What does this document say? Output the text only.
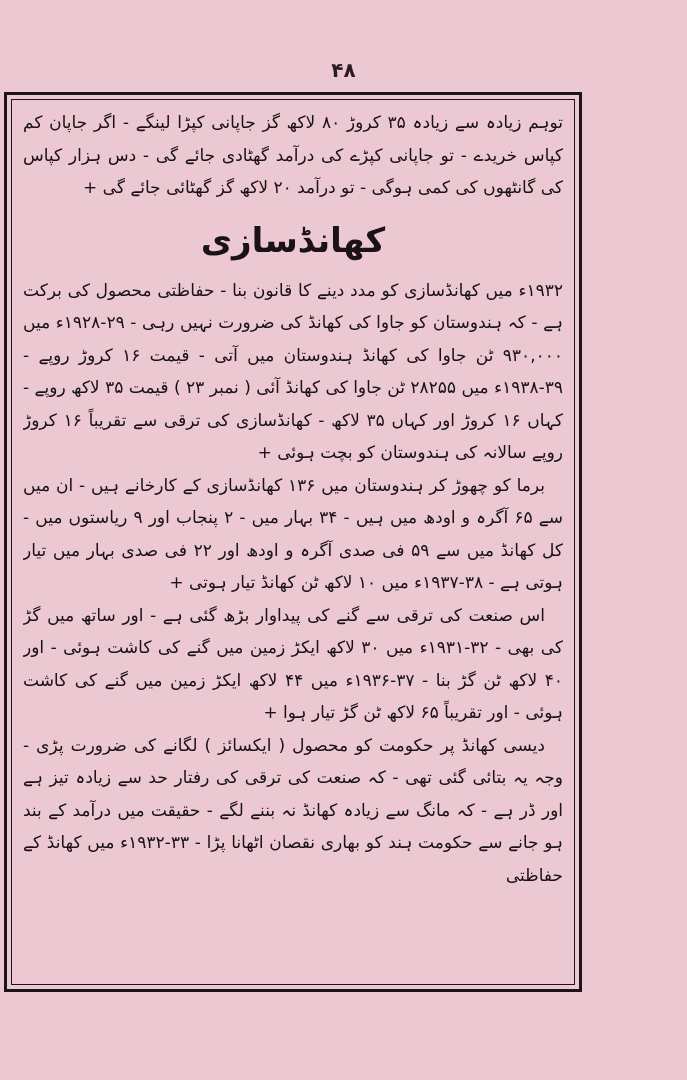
۴۸

توہم زیادہ سے زیادہ ۳۵ کروڑ ۸۰ لاکھ گز جاپانی کپڑا لینگے - اگر جاپان کم کپاس خریدے - تو جاپانی کپڑے کی درآمد گھٹادی جائے گی - دس ہزار کپاس کی گانٹھوں کی کمی ہوگی - تو درآمد ۲۰ لاکھ گز گھٹائی جائے گی +

کھانڈسازی

۱۹۳۲ء میں کھانڈسازی کو مدد دینے کا قانون بنا - حفاظتی محصول کی برکت ہے - کہ ہندوستان کو جاوا کی کھانڈ کی ضرورت نہیں رہی - ۲۹-۱۹۲۸ء میں ۹۳۰,۰۰۰ ٹن جاوا کی کھانڈ ہندوستان میں آتی - قیمت ۱۶ کروڑ روپے - ۳۹-۱۹۳۸ء میں ۲۸۲۵۵ ٹن جاوا کی کھانڈ آئی ( نمبر ۲۳ ) قیمت ۳۵ لاکھ روپے - کہاں ۱۶ کروڑ اور کہاں ۳۵ لاکھ - کھانڈسازی کی ترقی سے تقریباً ۱۶ کروڑ روپے سالانہ کی ہندوستان کو بچت ہوئی +

برما کو چھوڑ کر ہندوستان میں ۱۳۶ کھانڈسازی کے کارخانے ہیں - ان میں سے ۶۵ آگرہ و اودھ میں ہیں - ۳۴ بہار میں - ۲ پنجاب اور ۹ ریاستوں میں - کل کھانڈ میں سے ۵۹ فی صدی آگرہ و اودھ اور ۲۲ فی صدی بہار میں تیار ہوتی ہے - ۳۸-۱۹۳۷ء میں ۱۰ لاکھ ٹن کھانڈ تیار ہوتی +

اس صنعت کی ترقی سے گنے کی پیداوار بڑھ گئی ہے - اور ساتھ میں گڑ کی بھی - ۳۲-۱۹۳۱ء میں ۳۰ لاکھ ایکڑ زمین میں گنے کی کاشت ہوئی - اور ۴۰ لاکھ ٹن گڑ بنا - ۳۷-۱۹۳۶ء میں ۴۴ لاکھ ایکڑ زمین میں گنے کی کاشت ہوئی - اور تقریباً ۶۵ لاکھ ٹن گڑ تیار ہوا +

دیسی کھانڈ پر حکومت کو محصول ( ایکسائز ) لگانے کی ضرورت پڑی - وجہ یہ بتائی گئی تھی - کہ صنعت کی ترقی کی رفتار حد سے زیادہ تیز ہے اور ڈر ہے - کہ مانگ سے زیادہ کھانڈ نہ بننے لگے - حقیقت میں درآمد کے بند ہو جانے سے حکومت ہند کو بھاری نقصان اٹھانا پڑا - ۳۳-۱۹۳۲ء میں کھانڈ کے حفاظتی
